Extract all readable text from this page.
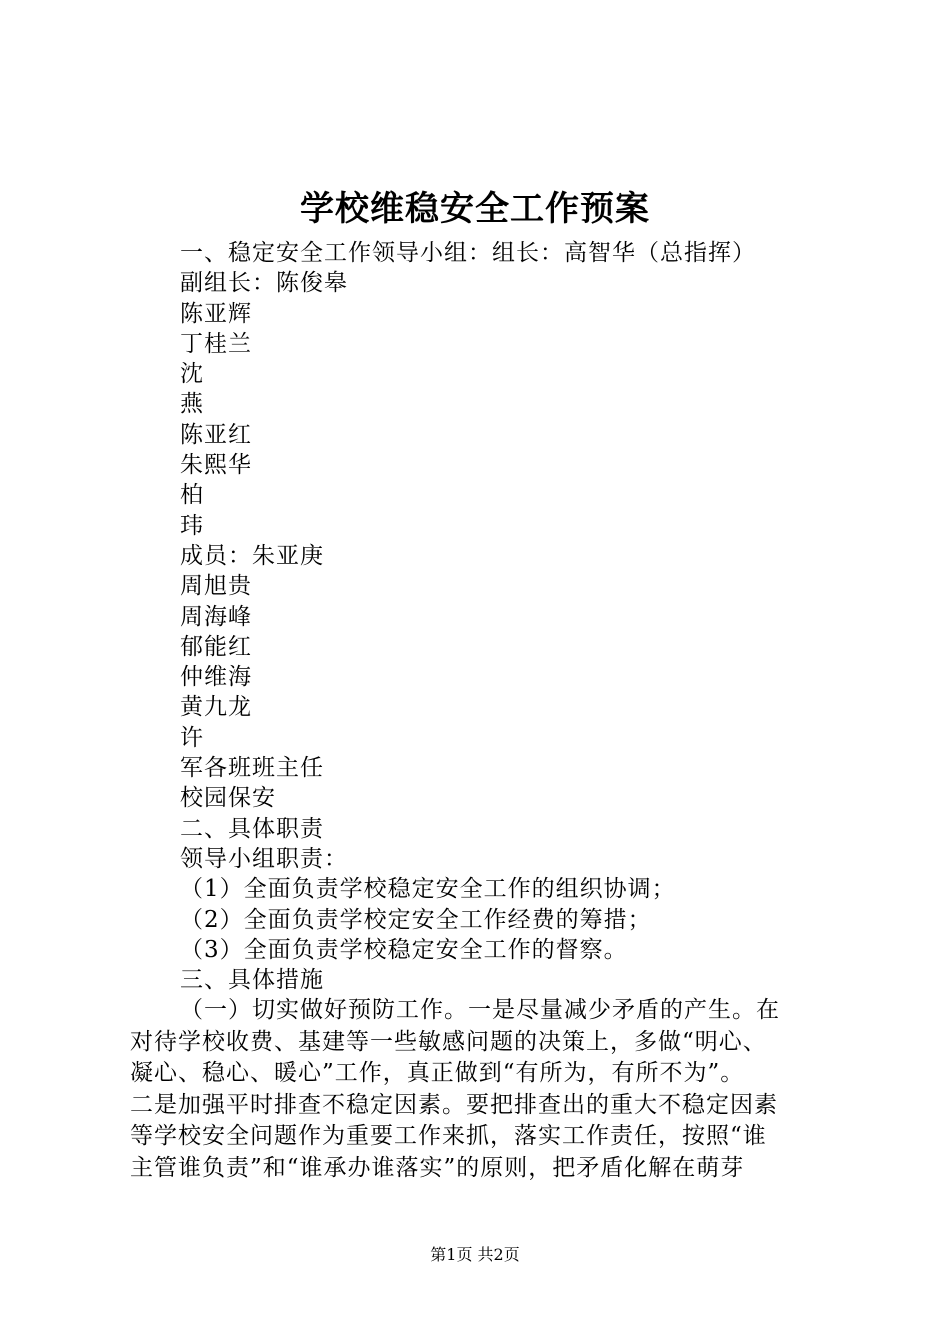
学校维稳安全工作预案
一、稳定安全工作领导小组：组长：高智华（总指挥）
副组长：陈俊皋
陈亚辉
丁桂兰
沈
燕
陈亚红
朱熙华
柏
玮
成员：朱亚庚
周旭贵
周海峰
郁能红
仲维海
黄九龙
许
军各班班主任
校园保安
二、具体职责
领导小组职责：
（1）全面负责学校稳定安全工作的组织协调；
（2）全面负责学校定安全工作经费的筹措；
（3）全面负责学校稳定安全工作的督察。
三、具体措施
（一）切实做好预防工作。一是尽量减少矛盾的产生。在
对待学校收费、基建等一些敏感问题的决策上，多做“明心、
凝心、稳心、暖心”工作，真正做到“有所为，有所不为”。
二是加强平时排查不稳定因素。要把排查出的重大不稳定因素
等学校安全问题作为重要工作来抓，落实工作责任，按照“谁
主管谁负责”和“谁承办谁落实”的原则，把矛盾化解在萌芽
第1页 共2页
